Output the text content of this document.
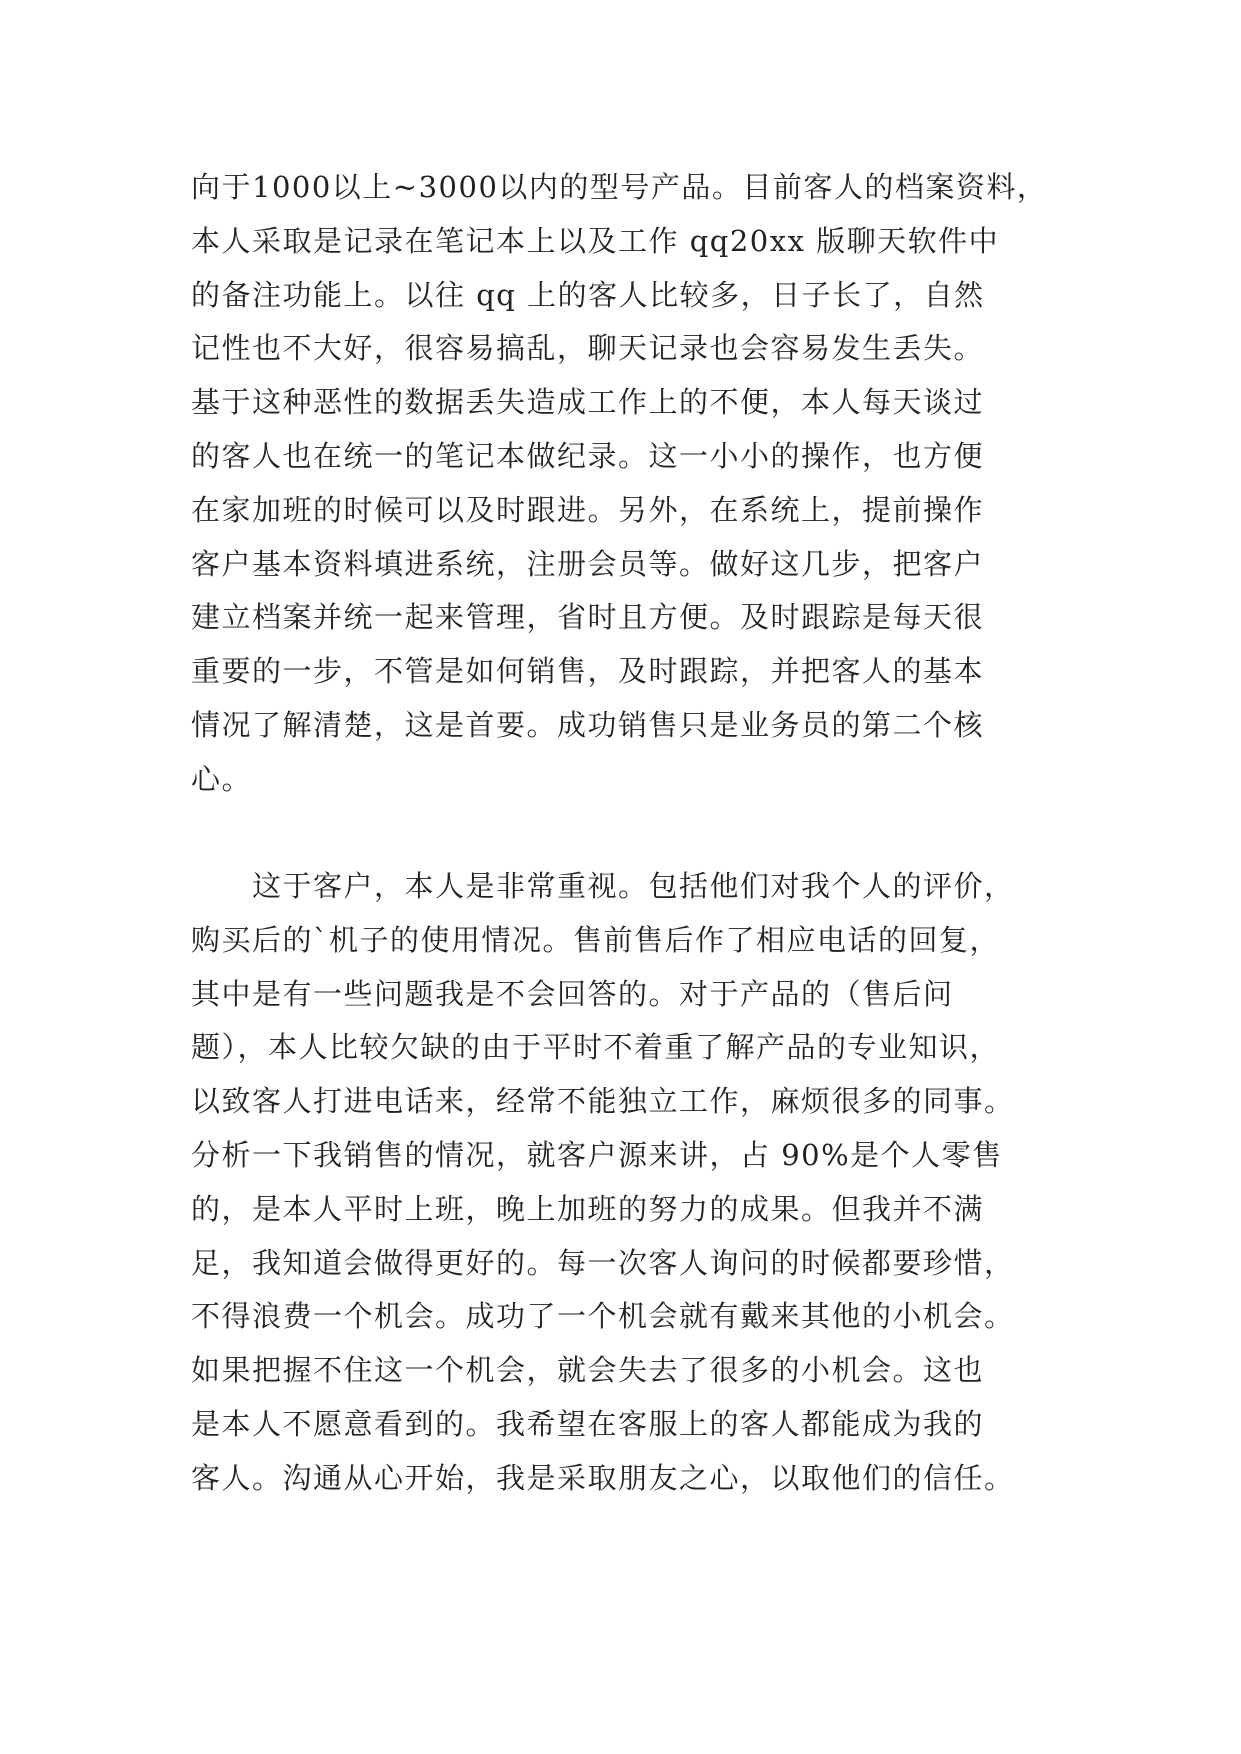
向于1000以上~3000以内的型号产品。目前客人的档案资料，
本人采取是记录在笔记本上以及工作 qq20xx 版聊天软件中
的备注功能上。以往 qq 上的客人比较多，日子长了，自然
记性也不大好，很容易搞乱，聊天记录也会容易发生丢失。
基于这种恶性的数据丢失造成工作上的不便，本人每天谈过
的客人也在统一的笔记本做纪录。这一小小的操作，也方便
在家加班的时候可以及时跟进。另外，在系统上，提前操作
客户基本资料填进系统，注册会员等。做好这几步，把客户
建立档案并统一起来管理，省时且方便。及时跟踪是每天很
重要的一步，不管是如何销售，及时跟踪，并把客人的基本
情况了解清楚，这是首要。成功销售只是业务员的第二个核
心。
　　这于客户，本人是非常重视。包括他们对我个人的评价，
购买后的`机子的使用情况。售前售后作了相应电话的回复，
其中是有一些问题我是不会回答的。对于产品的（售后问
题），本人比较欠缺的由于平时不着重了解产品的专业知识，
以致客人打进电话来，经常不能独立工作，麻烦很多的同事。
分析一下我销售的情况，就客户源来讲，占 90%是个人零售
的，是本人平时上班，晚上加班的努力的成果。但我并不满
足，我知道会做得更好的。每一次客人询问的时候都要珍惜，
不得浪费一个机会。成功了一个机会就有戴来其他的小机会。
如果把握不住这一个机会，就会失去了很多的小机会。这也
是本人不愿意看到的。我希望在客服上的客人都能成为我的
客人。沟通从心开始，我是采取朋友之心，以取他们的信任。
